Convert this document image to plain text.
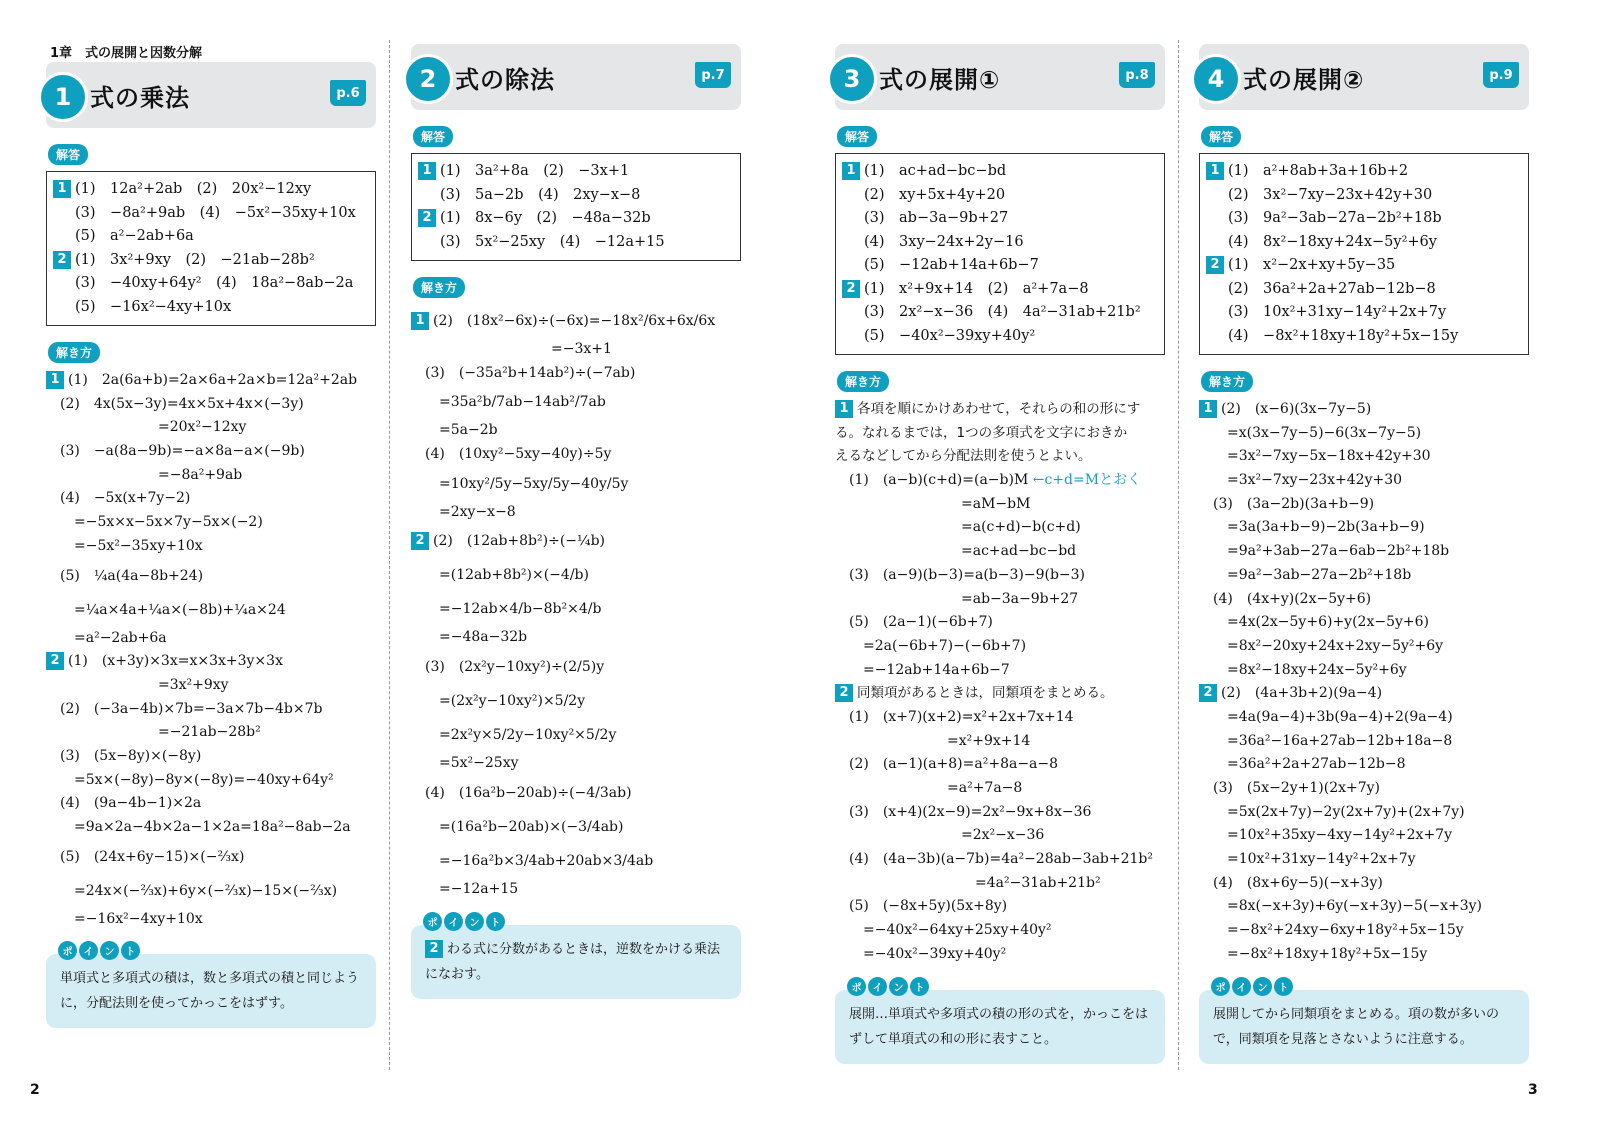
1章　式の展開と因数分解
2	3
1 式の乗法	p.6
解答
1 (1)　12a²+2ab　(2)　20x²−12xy
(3)　−8a²+9ab　(4)　−5x²−35xy+10x
(5)　a²−2ab+6a
2 (1)　3x²+9xy　(2)　−21ab−28b²
(3)　−40xy+64y²　(4)　18a²−8ab−2a
(5)　−16x²−4xy+10x
解き方
1 (1)　2a(6a+b)=2a×6a+2a×b=12a²+2ab
　(2)　4x(5x−3y)=4x×5x+4x×(−3y)
　　　　　　　　=20x²−12xy
　(3)　−a(8a−9b)=−a×8a−a×(−9b)
　　　　　　　　=−8a²+9ab
　(4)　−5x(x+7y−2)
　　=−5x×x−5x×7y−5x×(−2)
　　=−5x²−35xy+10x
　(5)　¼a(4a−8b+24)
　　=¼a×4a+¼a×(−8b)+¼a×24
　　=a²−2ab+6a
2 (1)　(x+3y)×3x=x×3x+3y×3x
　　　　　　　　=3x²+9xy
　(2)　(−3a−4b)×7b=−3a×7b−4b×7b
　　　　　　　　=−21ab−28b²
　(3)　(5x−8y)×(−8y)
　　=5x×(−8y)−8y×(−8y)=−40xy+64y²
　(4)　(9a−4b−1)×2a
　　=9a×2a−4b×2a−1×2a=18a²−8ab−2a
　(5)　(24x+6y−15)×(−⅔x)
　　=24x×(−⅔x)+6y×(−⅔x)−15×(−⅔x)
　　=−16x²−4xy+10x
ポ	イ	ン	ト
単項式と多項式の積は，数と多項式の積と同じように，分配法則を使ってかっこをはずす。
2 式の除法	p.7
解答
1 (1)　3a²+8a　(2)　−3x+1
(3)　5a−2b　(4)　2xy−x−8
2 (1)　8x−6y　(2)　−48a−32b
(3)　5x²−25xy　(4)　−12a+15
解き方
1 (2)　(18x²−6x)÷(−6x)=−18x²/6x+6x/6x
　　　　　　　　　　=−3x+1
　(3)　(−35a²b+14ab²)÷(−7ab)
　　=35a²b/7ab−14ab²/7ab
　　=5a−2b
　(4)　(10xy²−5xy−40y)÷5y
　　=10xy²/5y−5xy/5y−40y/5y
　　=2xy−x−8
2 (2)　(12ab+8b²)÷(−¼b)
　　=(12ab+8b²)×(−4/b)
　　=−12ab×4/b−8b²×4/b
　　=−48a−32b
　(3)　(2x²y−10xy²)÷(2/5)y
　　=(2x²y−10xy²)×5/2y
　　=2x²y×5/2y−10xy²×5/2y
　　=5x²−25xy
　(4)　(16a²b−20ab)÷(−4/3ab)
　　=(16a²b−20ab)×(−3/4ab)
　　=−16a²b×3/4ab+20ab×3/4ab
　　=−12a+15
ポ	イ	ン	ト
2 わる式に分数があるときは，逆数をかける乗法になおす。
3 式の展開①	p.8
解答
1 (1)　ac+ad−bc−bd
(2)　xy+5x+4y+20
(3)　ab−3a−9b+27
(4)　3xy−24x+2y−16
(5)　−12ab+14a+6b−7
2 (1)　x²+9x+14　(2)　a²+7a−8
(3)　2x²−x−36　(4)　4a²−31ab+21b²
(5)　−40x²−39xy+40y²
解き方
1 各項を順にかけあわせて，それらの和の形にす
る。なれるまでは，1つの多項式を文字におきか
えるなどしてから分配法則を使うとよい。
　(1)　(a−b)(c+d)=(a−b)M ←c+d=Mとおく
　　　　　　　　　=aM−bM
　　　　　　　　　=a(c+d)−b(c+d)
　　　　　　　　　=ac+ad−bc−bd
　(3)　(a−9)(b−3)=a(b−3)−9(b−3)
　　　　　　　　　=ab−3a−9b+27
　(5)　(2a−1)(−6b+7)
　　=2a(−6b+7)−(−6b+7)
　　=−12ab+14a+6b−7
2 同類項があるときは，同類項をまとめる。
　(1)　(x+7)(x+2)=x²+2x+7x+14
　　　　　　　　=x²+9x+14
　(2)　(a−1)(a+8)=a²+8a−a−8
　　　　　　　　=a²+7a−8
　(3)　(x+4)(2x−9)=2x²−9x+8x−36
　　　　　　　　　=2x²−x−36
　(4)　(4a−3b)(a−7b)=4a²−28ab−3ab+21b²
　　　　　　　　　　=4a²−31ab+21b²
　(5)　(−8x+5y)(5x+8y)
　　=−40x²−64xy+25xy+40y²
　　=−40x²−39xy+40y²
ポ	イ	ン	ト
展開…単項式や多項式の積の形の式を，かっこをはずして単項式の和の形に表すこと。
4 式の展開②	p.9
解答
1 (1)　a²+8ab+3a+16b+2
(2)　3x²−7xy−23x+42y+30
(3)　9a²−3ab−27a−2b²+18b
(4)　8x²−18xy+24x−5y²+6y
2 (1)　x²−2x+xy+5y−35
(2)　36a²+2a+27ab−12b−8
(3)　10x²+31xy−14y²+2x+7y
(4)　−8x²+18xy+18y²+5x−15y
解き方
1 (2)　(x−6)(3x−7y−5)
　　=x(3x−7y−5)−6(3x−7y−5)
　　=3x²−7xy−5x−18x+42y+30
　　=3x²−7xy−23x+42y+30
　(3)　(3a−2b)(3a+b−9)
　　=3a(3a+b−9)−2b(3a+b−9)
　　=9a²+3ab−27a−6ab−2b²+18b
　　=9a²−3ab−27a−2b²+18b
　(4)　(4x+y)(2x−5y+6)
　　=4x(2x−5y+6)+y(2x−5y+6)
　　=8x²−20xy+24x+2xy−5y²+6y
　　=8x²−18xy+24x−5y²+6y
2 (2)　(4a+3b+2)(9a−4)
　　=4a(9a−4)+3b(9a−4)+2(9a−4)
　　=36a²−16a+27ab−12b+18a−8
　　=36a²+2a+27ab−12b−8
　(3)　(5x−2y+1)(2x+7y)
　　=5x(2x+7y)−2y(2x+7y)+(2x+7y)
　　=10x²+35xy−4xy−14y²+2x+7y
　　=10x²+31xy−14y²+2x+7y
　(4)　(8x+6y−5)(−x+3y)
　　=8x(−x+3y)+6y(−x+3y)−5(−x+3y)
　　=−8x²+24xy−6xy+18y²+5x−15y
　　=−8x²+18xy+18y²+5x−15y
ポ	イ	ン	ト
展開してから同類項をまとめる。項の数が多いので，同類項を見落とさないように注意する。
